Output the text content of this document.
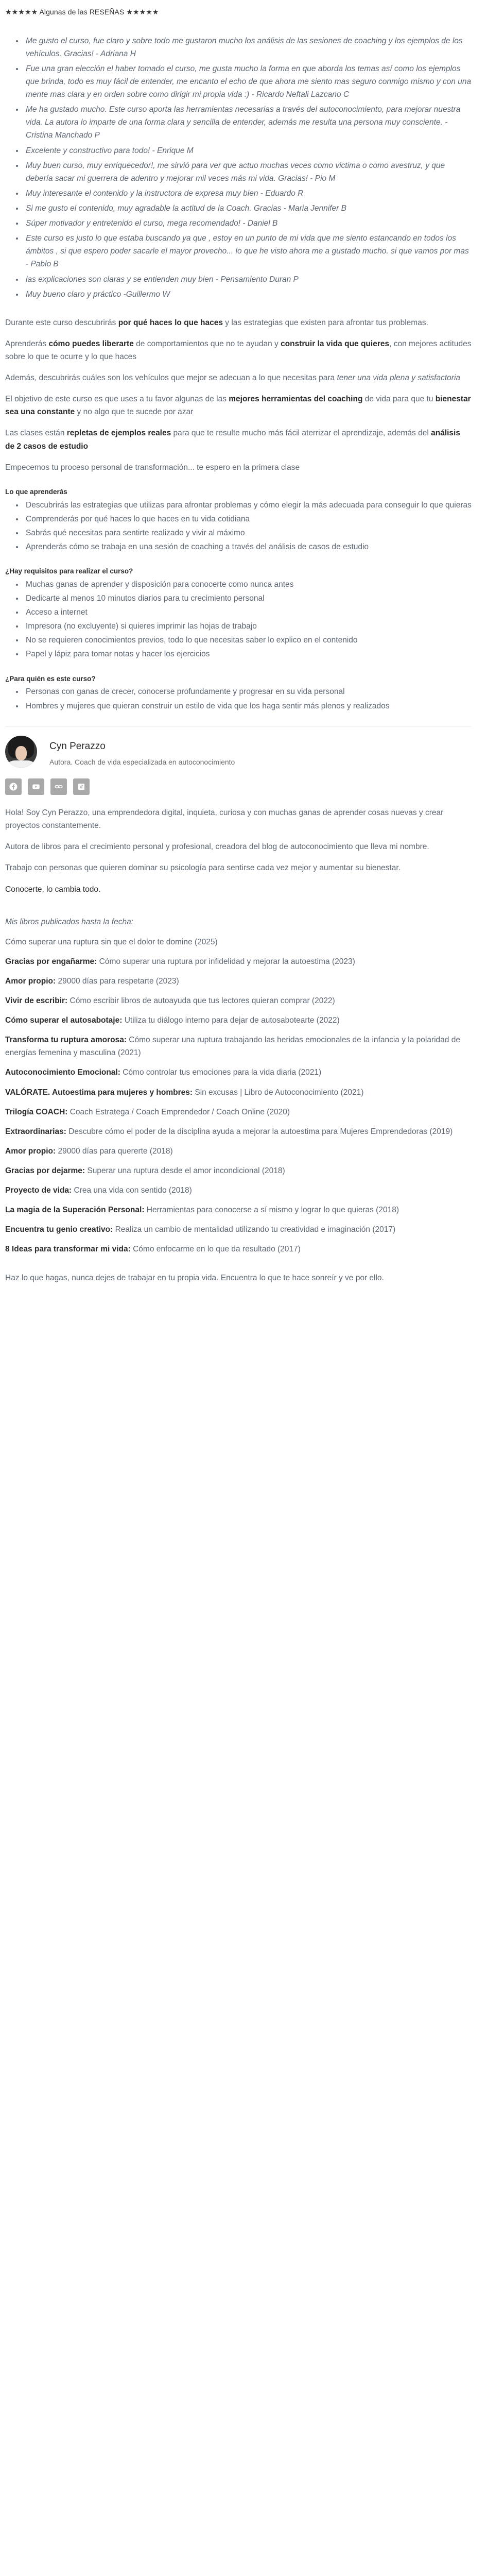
★★★★★ Algunas de las RESEÑAS ★★★★★
• Me gusto el curso, fue claro y sobre todo me gustaron mucho los análisis de las sesiones de coaching y los ejemplos de los vehículos. Gracias! - Adriana H
• Fue una gran elección el haber tomado el curso, me gusta mucho la forma en que aborda los temas así como los ejemplos que brinda, todo es muy fácil de entender, me encanto el echo de que ahora me siento mas seguro conmigo mismo y con una mente mas clara y en orden sobre como dirigir mi propia vida :) - Ricardo Neftali Lazcano C
• Me ha gustado mucho. Este curso aporta las herramientas necesarias a través del autoconocimiento, para mejorar nuestra vida. La autora lo imparte de una forma clara y sencilla de entender, además me resulta una persona muy consciente. - Cristina Manchado P
• Excelente y constructivo para todo! - Enrique M
• Muy buen curso, muy enriquecedor!, me sirvió para ver que actuo muchas veces como victima o como avestruz, y que debería sacar mi guerrera de adentro y mejorar mil veces más mi vida. Gracias! - Pio M
• Muy interesante el contenido y la instructora de expresa muy bien - Eduardo R
• Si me gusto el contenido, muy agradable la actitud de la Coach. Gracias - Maria Jennifer B
• Súper motivador y entretenido el curso, mega recomendado! - Daniel B
• Este curso es justo lo que estaba buscando ya que , estoy en un punto de mi vida que me siento estancando en todos los ámbitos , si que espero poder sacarle el mayor provecho... lo que he visto ahora me a gustado mucho. si que vamos por mas - Pablo B
• las explicaciones son claras y se entienden muy bien - Pensamiento Duran P
• Muy bueno claro y práctico -Guillermo W

Durante este curso descubrirás por qué haces lo que haces y las estrategias que existen para afrontar tus problemas.

Aprenderás cómo puedes liberarte de comportamientos que no te ayudan y construir la vida que quieres, con mejores actitudes sobre lo que te ocurre y lo que haces

Además, descubrirás cuáles son los vehículos que mejor se adecuan a lo que necesitas para tener una vida plena y satisfactoria

El objetivo de este curso es que uses a tu favor algunas de las mejores herramientas del coaching de vida para que tu bienestar sea una constante y no algo que te sucede por azar

Las clases están repletas de ejemplos reales para que te resulte mucho más fácil aterrizar el aprendizaje, además del análisis de 2 casos de estudio

Empecemos tu proceso personal de transformación... te espero en la primera clase

Lo que aprenderás
• Descubrirás las estrategias que utilizas para afrontar problemas y cómo elegir la más adecuada para conseguir lo que quieras
• Comprenderás por qué haces lo que haces en tu vida cotidiana
• Sabrás qué necesitas para sentirte realizado y vivir al máximo
• Aprenderás cómo se trabaja en una sesión de coaching a través del análisis de casos de estudio
¿Hay requisitos para realizar el curso?
• Muchas ganas de aprender y disposición para conocerte como nunca antes
• Dedicarte al menos 10 minutos diarios para tu crecimiento personal
• Acceso a internet
• Impresora (no excluyente) si quieres imprimir las hojas de trabajo
• No se requieren conocimientos previos, todo lo que necesitas saber lo explico en el contenido
• Papel y lápiz para tomar notas y hacer los ejercicios
¿Para quién es este curso?
• Personas con ganas de crecer, conocerse profundamente y progresar en su vida personal
• Hombres y mujeres que quieran construir un estilo de vida que los haga sentir más plenos y realizados
Cyn Perazzo
Autora. Coach de vida especializada en autoconocimiento

Hola! Soy Cyn Perazzo, una emprendedora digital, inquieta, curiosa y con muchas ganas de aprender cosas nuevas y crear proyectos constantemente.

Autora de libros para el crecimiento personal y profesional, creadora del blog de autoconocimiento que lleva mi nombre.

Trabajo con personas que quieren dominar su psicología para sentirse cada vez mejor y aumentar su bienestar.

Conocerte, lo cambia todo.

Mis libros publicados hasta la fecha:
Cómo superar una ruptura sin que el dolor te domine (2025)
Gracias por engañarme: Cómo superar una ruptura por infidelidad y mejorar la autoestima (2023)
Amor propio: 29000 días para respetarte (2023)
Vivir de escribir: Cómo escribir libros de autoayuda que tus lectores quieran comprar (2022)
Cómo superar el autosabotaje: Utiliza tu diálogo interno para dejar de autosabotearte (2022)
Transforma tu ruptura amorosa: Cómo superar una ruptura trabajando las heridas emocionales de la infancia y la polaridad de energías femenina y masculina (2021)
Autoconocimiento Emocional: Cómo controlar tus emociones para la vida diaria (2021)
VALÓRATE. Autoestima para mujeres y hombres: Sin excusas | Libro de Autoconocimiento (2021)
Trilogía COACH: Coach Estratega / Coach Emprendedor / Coach Online (2020)
Extraordinarias: Descubre cómo el poder de la disciplina ayuda a mejorar la autoestima para Mujeres Emprendedoras (2019)
Amor propio: 29000 días para quererte (2018)
Gracias por dejarme: Superar una ruptura desde el amor incondicional (2018)
Proyecto de vida: Crea una vida con sentido (2018)
La magia de la Superación Personal: Herramientas para conocerse a sí mismo y lograr lo que quieras (2018)
Encuentra tu genio creativo: Realiza un cambio de mentalidad utilizando tu creatividad e imaginación (2017)
8 Ideas para transformar mi vida: Cómo enfocarme en lo que da resultado (2017)

Haz lo que hagas, nunca dejes de trabajar en tu propia vida. Encuentra lo que te hace sonreír y ve por ello.
